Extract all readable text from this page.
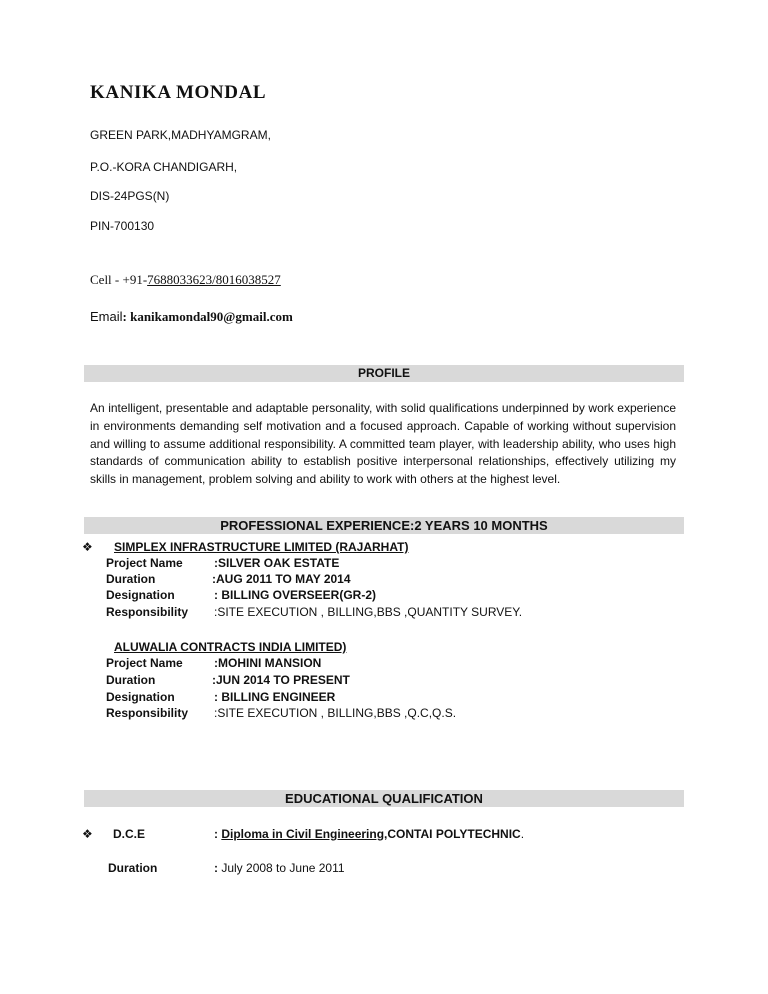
KANIKA MONDAL
GREEN PARK,MADHYAMGRAM,
P.O.-KORA CHANDIGARH,
DIS-24PGS(N)
PIN-700130
Cell - +91-7688033623/8016038527
Email: kanikamondal90@gmail.com
PROFILE
An intelligent, presentable and adaptable personality, with solid qualifications underpinned by work experience in environments demanding self motivation and a focused approach. Capable of working without supervision and willing to assume additional responsibility. A committed team player, with leadership ability, who uses high standards of communication ability to establish positive interpersonal relationships, effectively utilizing my skills in management, problem solving and ability to work with others at the highest level.
PROFESSIONAL EXPERIENCE:2 YEARS 10 MONTHS
❖ SIMPLEX INFRASTRUCTURE LIMITED (RAJARHAT)
Project Name	:SILVER OAK ESTATE
Duration	:AUG 2011 TO MAY 2014
Designation	: BILLING OVERSEER(GR-2)
Responsibility :SITE EXECUTION , BILLING,BBS ,QUANTITY SURVEY.
ALUWALIA CONTRACTS INDIA LIMITED)
Project Name	:MOHINI MANSION
Duration	:JUN 2014 TO PRESENT
Designation	: BILLING ENGINEER
Responsibility :SITE EXECUTION , BILLING,BBS ,Q.C,Q.S.
EDUCATIONAL QUALIFICATION
❖ D.C.E	: Diploma in Civil Engineering,CONTAI POLYTECHNIC.
Duration	: July 2008 to June 2011
